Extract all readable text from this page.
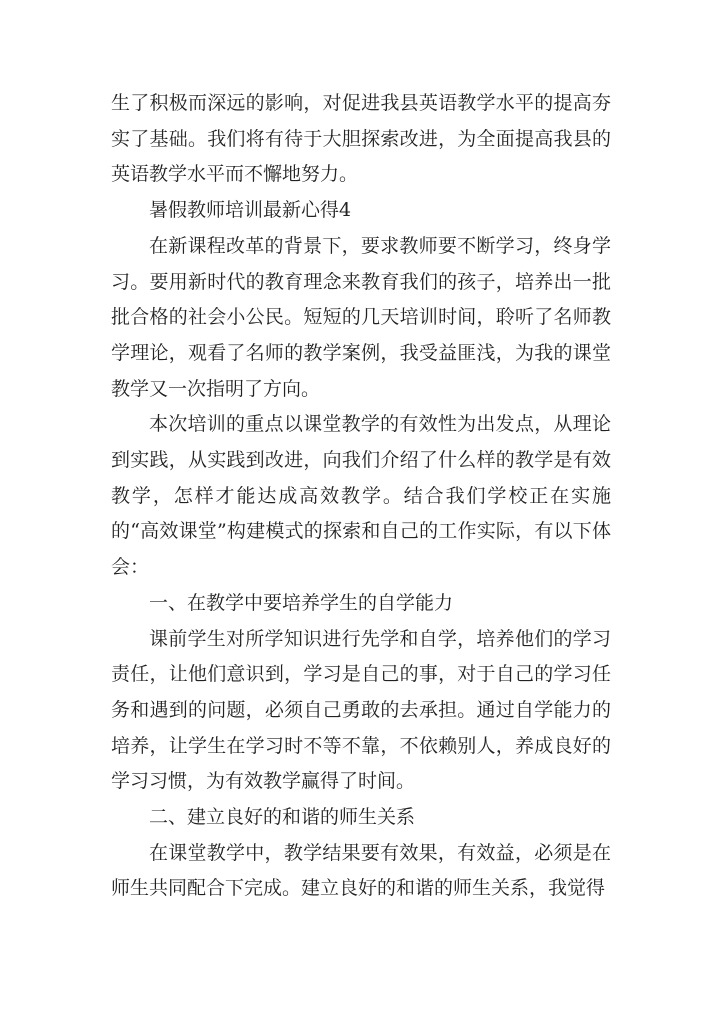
生了积极而深远的影响，对促进我县英语教学水平的提高夯实了基础。我们将有待于大胆探索改进，为全面提高我县的英语教学水平而不懈地努力。

暑假教师培训最新心得4

在新课程改革的背景下，要求教师要不断学习，终身学习。要用新时代的教育理念来教育我们的孩子，培养出一批批合格的社会小公民。短短的几天培训时间，聆听了名师教学理论，观看了名师的教学案例，我受益匪浅，为我的课堂教学又一次指明了方向。

本次培训的重点以课堂教学的有效性为出发点，从理论到实践，从实践到改进，向我们介绍了什么样的教学是有效教学，怎样才能达成高效教学。结合我们学校正在实施的“高效课堂”构建模式的探索和自己的工作实际，有以下体会：

一、在教学中要培养学生的自学能力

课前学生对所学知识进行先学和自学，培养他们的学习责任，让他们意识到，学习是自己的事，对于自己的学习任务和遇到的问题，必须自己勇敢的去承担。通过自学能力的培养，让学生在学习时不等不靠，不依赖别人，养成良好的学习习惯，为有效教学赢得了时间。

二、建立良好的和谐的师生关系

在课堂教学中，教学结果要有效果，有效益，必须是在师生共同配合下完成。建立良好的和谐的师生关系，我觉得
